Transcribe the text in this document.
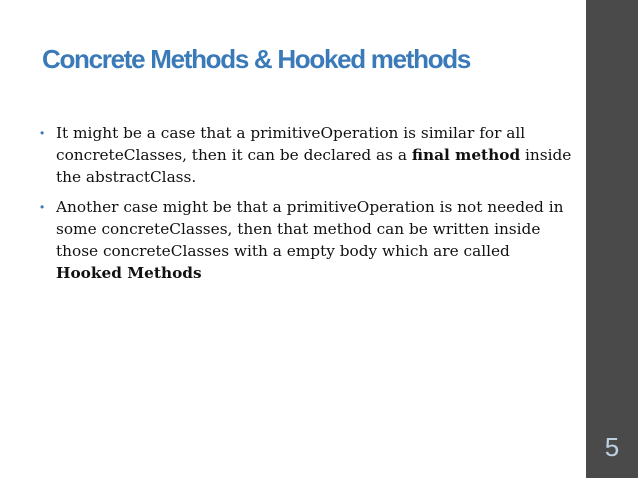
Concrete Methods & Hooked methods
• It might be a case that a primitiveOperation is similar for all concreteClasses, then it can be declared as a final method inside the abstractClass.
• Another case might be that a primitiveOperation is not needed in some concreteClasses, then that method can be written inside those concreteClasses with a empty body which are called Hooked Methods
5
